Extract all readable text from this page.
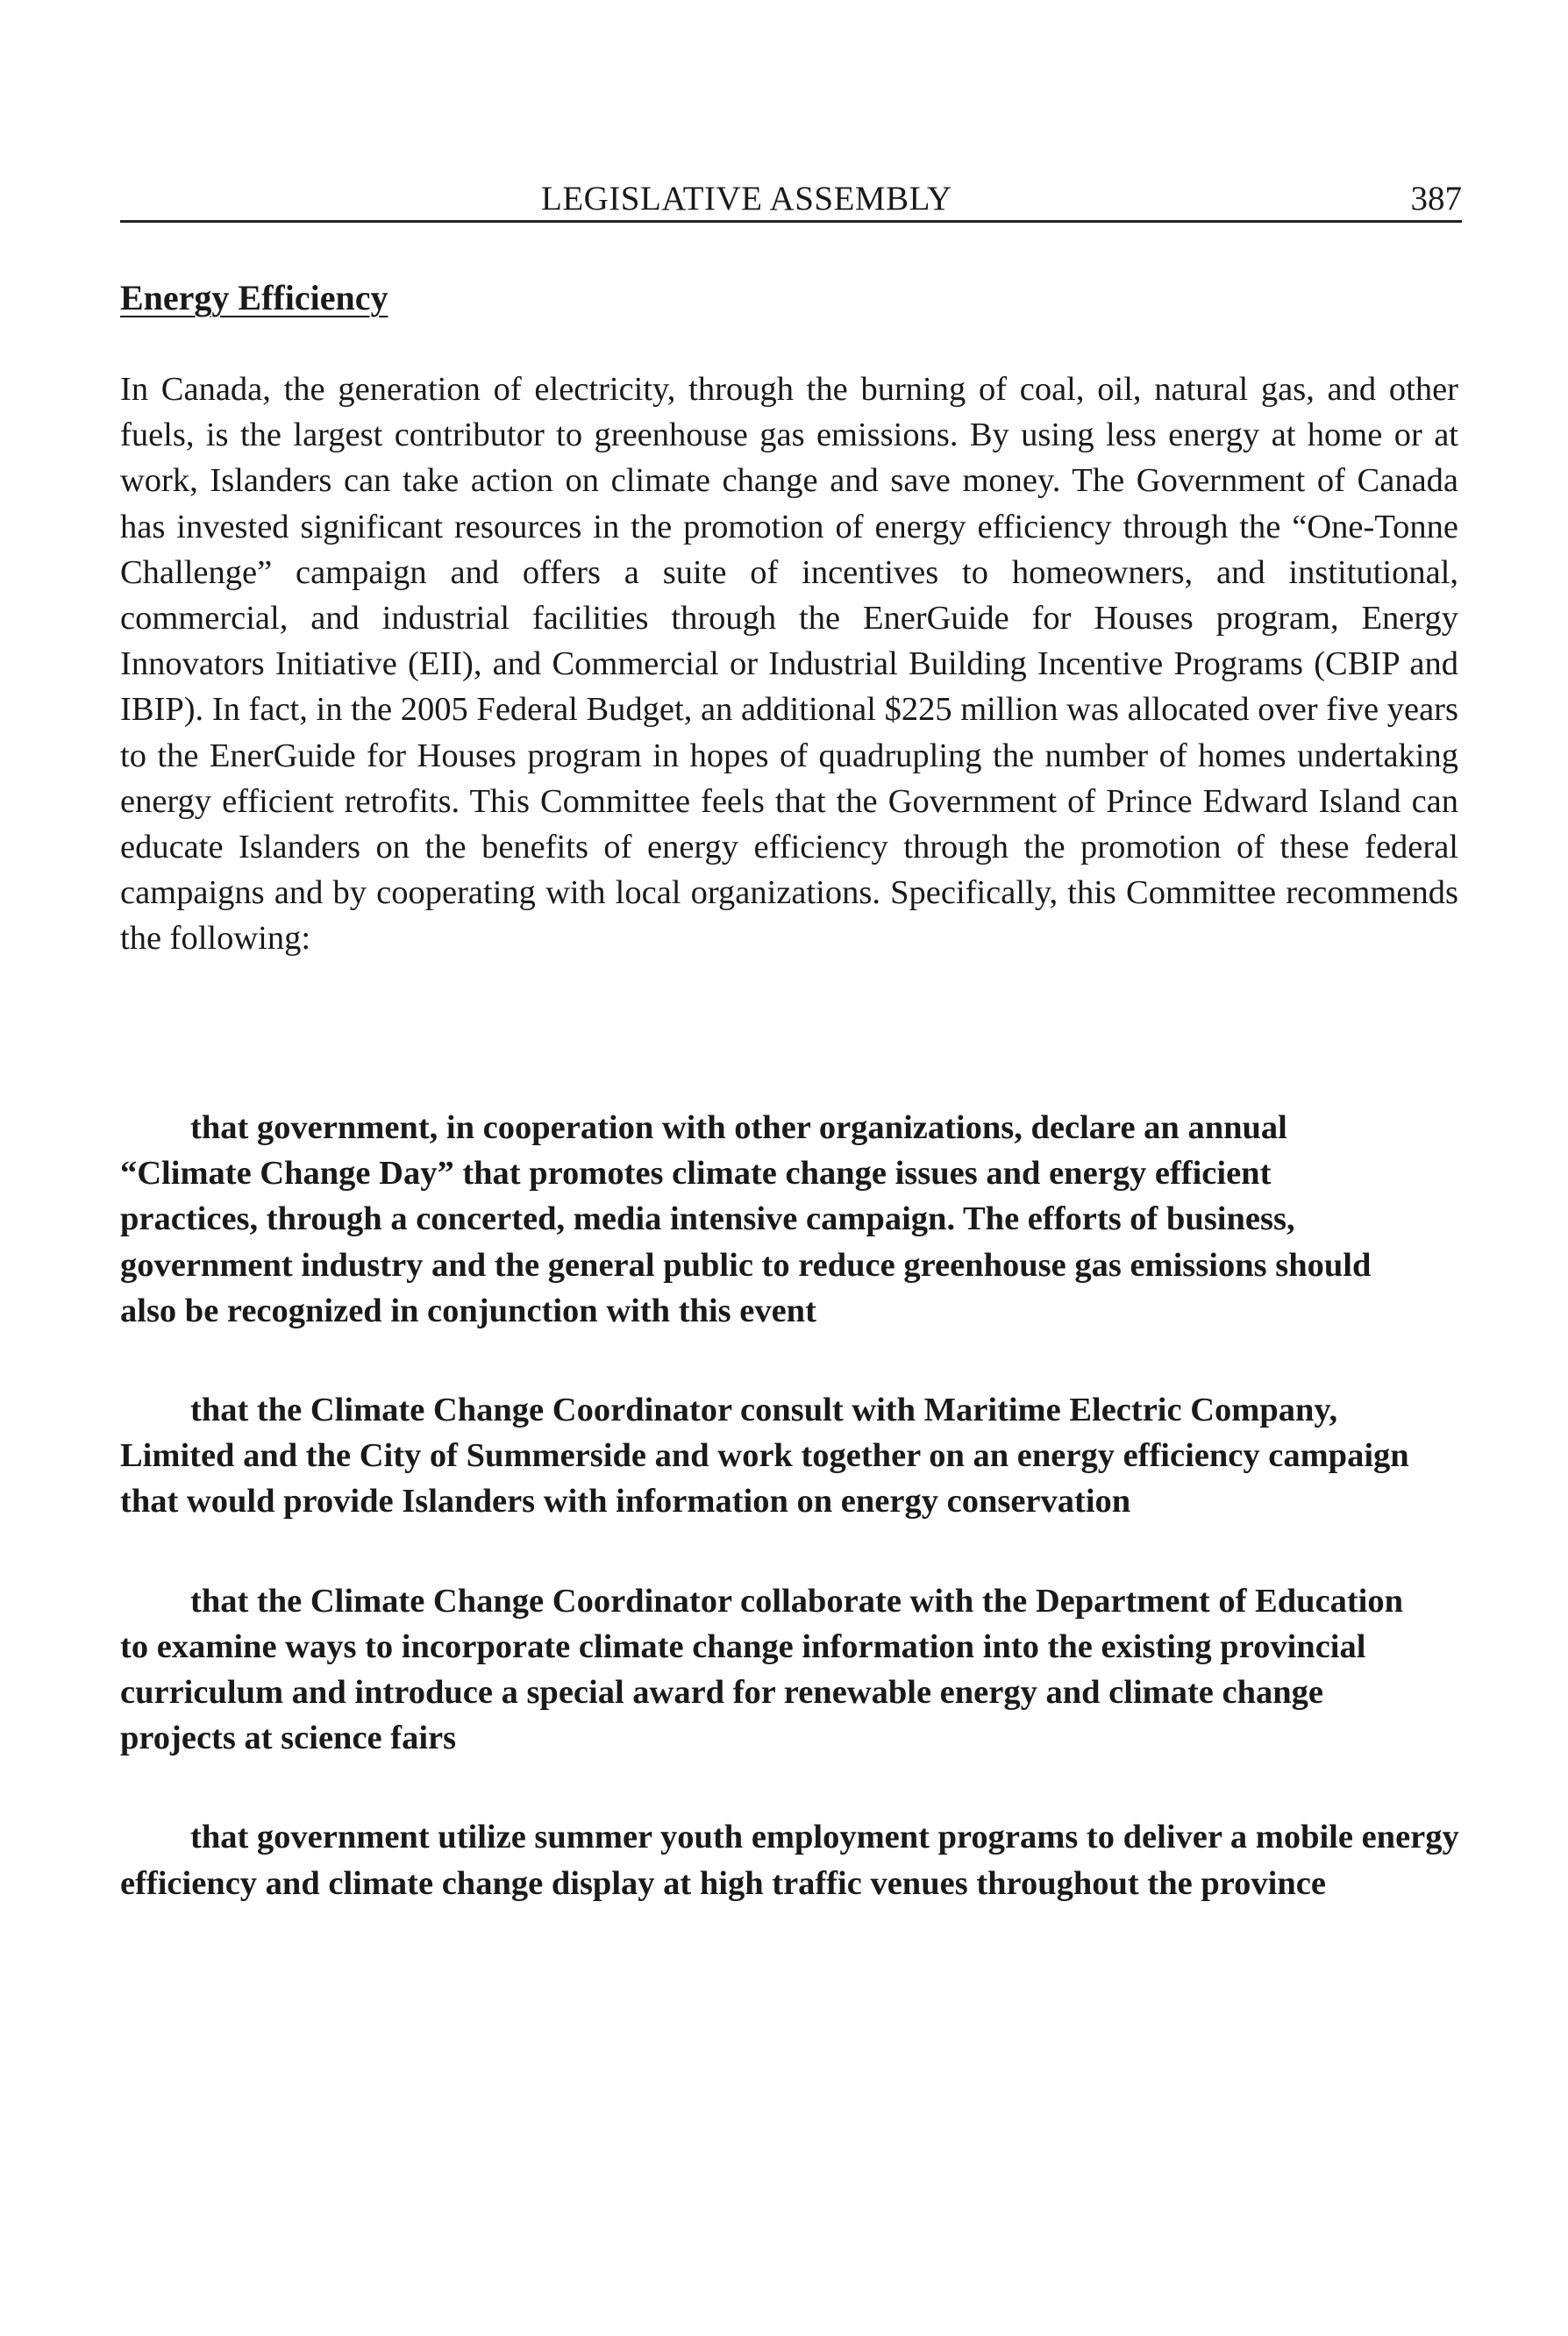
LEGISLATIVE ASSEMBLY	387
Energy Efficiency

In Canada, the generation of electricity, through the burning of coal, oil, natural gas, and other fuels, is the largest contributor to greenhouse gas emissions. By using less energy at home or at work, Islanders can take action on climate change and save money. The Government of Canada has invested significant resources in the promotion of energy efficiency through the “One-Tonne Challenge” campaign and offers a suite of incentives to homeowners, and institutional, commercial, and industrial facilities through the EnerGuide for Houses program, Energy Innovators Initiative (EII), and Commercial or Industrial Building Incentive Programs (CBIP and IBIP). In fact, in the 2005 Federal Budget, an additional $225 million was allocated over five years to the EnerGuide for Houses program in hopes of quadrupling the number of homes undertaking energy efficient retrofits. This Committee feels that the Government of Prince Edward Island can educate Islanders on the benefits of energy efficiency through the promotion of these federal campaigns and by cooperating with local organizations. Specifically, this Committee recommends the following:

that government, in cooperation with other organizations, declare an annual “Climate Change Day” that promotes climate change issues and energy efficient practices, through a concerted, media intensive campaign. The efforts of business, government industry and the general public to reduce greenhouse gas emissions should also be recognized in conjunction with this event
that the Climate Change Coordinator consult with Maritime Electric Company, Limited and the City of Summerside and work together on an energy efficiency campaign that would provide Islanders with information on energy conservation
that the Climate Change Coordinator collaborate with the Department of Education to examine ways to incorporate climate change information into the existing provincial curriculum and introduce a special award for renewable energy and climate change projects at science fairs
that government utilize summer youth employment programs to deliver a mobile energy efficiency and climate change display at high traffic venues throughout the province
